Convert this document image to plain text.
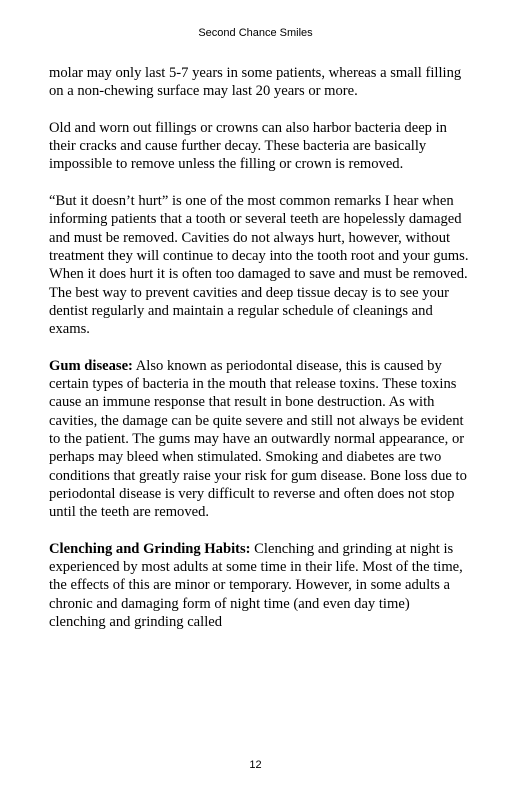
Second Chance Smiles

molar may only last 5-7 years in some patients, whereas a small filling on a non-chewing surface may last 20 years or more.

Old and worn out fillings or crowns can also harbor bacteria deep in their cracks and cause further decay. These bacteria are basically impossible to remove unless the filling or crown is removed.

“But it doesn’t hurt” is one of the most common remarks I hear when informing patients that a tooth or several teeth are hopelessly damaged and must be removed. Cavities do not always hurt, however, without treatment they will continue to decay into the tooth root and your gums. When it does hurt it is often too damaged to save and must be removed. The best way to prevent cavities and deep tissue decay is to see your dentist regularly and maintain a regular schedule of cleanings and exams.

Gum disease: Also known as periodontal disease, this is caused by certain types of bacteria in the mouth that release toxins. These toxins cause an immune response that result in bone destruction. As with cavities, the damage can be quite severe and still not always be evident to the patient. The gums may have an outwardly normal appearance, or perhaps may bleed when stimulated. Smoking and diabetes are two conditions that greatly raise your risk for gum disease. Bone loss due to periodontal disease is very difficult to reverse and often does not stop until the teeth are removed.

Clenching and Grinding Habits: Clenching and grinding at night is experienced by most adults at some time in their life. Most of the time, the effects of this are minor or temporary. However, in some adults a chronic and damaging form of night time (and even day time) clenching and grinding called

12
